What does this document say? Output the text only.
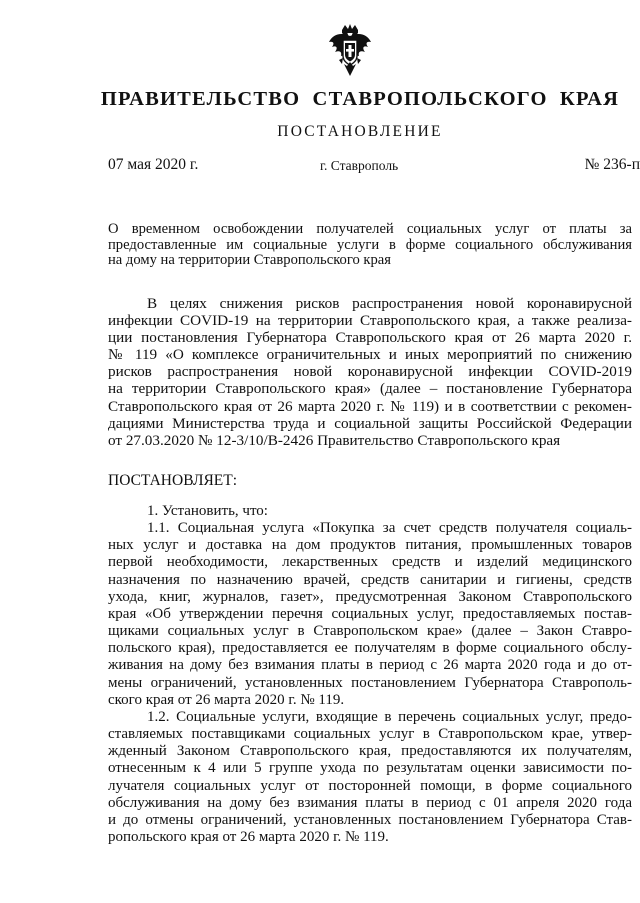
ПРАВИТЕЛЬСТВО СТАВРОПОЛЬСКОГО КРАЯ
ПОСТАНОВЛЕНИЕ
07 мая 2020 г.	г. Ставрополь	№ 236-п
О временном освобождении получателей социальных услуг от платы за
предоставленные им социальные услуги в форме социального обслуживания
на дому на территории Ставропольского края
В целях снижения рисков распространения новой коронавирусной
инфекции COVID-19 на территории Ставропольского края, а также реализа-
ции постановления Губернатора Ставропольского края от 26 марта 2020 г.
№ 119 «О комплексе ограничительных и иных мероприятий по снижению
рисков распространения новой коронавирусной инфекции COVID-2019
на территории Ставропольского края» (далее – постановление Губернатора
Ставропольского края от 26 марта 2020 г. № 119) и в соответствии с рекомен-
дациями Министерства труда и социальной защиты Российской Федерации
от 27.03.2020 № 12-3/10/В-2426 Правительство Ставропольского края
ПОСТАНОВЛЯЕТ:
1. Установить, что:
1.1. Социальная услуга «Покупка за счет средств получателя социаль-
ных услуг и доставка на дом продуктов питания, промышленных товаров
первой необходимости, лекарственных средств и изделий медицинского
назначения по назначению врачей, средств санитарии и гигиены, средств
ухода, книг, журналов, газет», предусмотренная Законом Ставропольского
края «Об утверждении перечня социальных услуг, предоставляемых постав-
щиками социальных услуг в Ставропольском крае» (далее – Закон Ставро-
польского края), предоставляется ее получателям в форме социального обслу-
живания на дому без взимания платы в период с 26 марта 2020 года и до от-
мены ограничений, установленных постановлением Губернатора Ставрополь-
ского края от 26 марта 2020 г. № 119.
1.2. Социальные услуги, входящие в перечень социальных услуг, предо-
ставляемых поставщиками социальных услуг в Ставропольском крае, утвер-
жденный Законом Ставропольского края, предоставляются их получателям,
отнесенным к 4 или 5 группе ухода по результатам оценки зависимости по-
лучателя социальных услуг от посторонней помощи, в форме социального
обслуживания на дому без взимания платы в период с 01 апреля 2020 года
и до отмены ограничений, установленных постановлением Губернатора Став-
ропольского края от 26 марта 2020 г. № 119.
